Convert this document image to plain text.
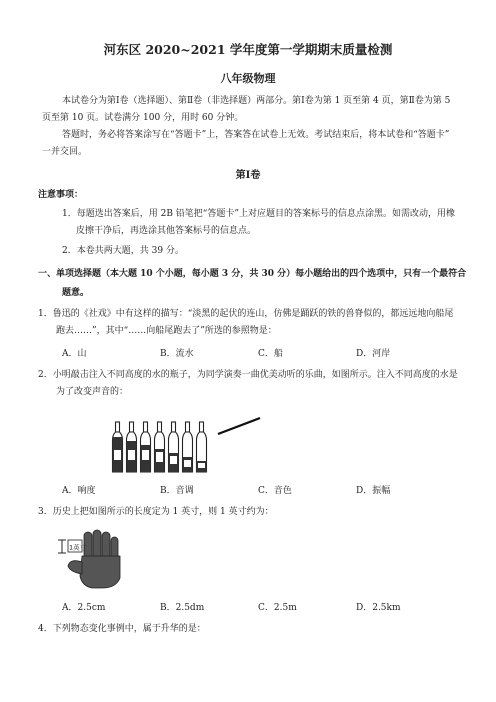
河东区 2020~2021 学年度第一学期期末质量检测
八年级物理
本试卷分为第Ⅰ卷（选择题）、第Ⅱ卷（非选择题）两部分。第Ⅰ卷为第 1 页至第 4 页，第Ⅱ卷为第 5
页至第 10 页。试卷满分 100 分，用时 60 分钟。
答题时，务必将答案涂写在“答题卡”上，答案答在试卷上无效。考试结束后，将本试卷和“答题卡”
一并交回。
第Ⅰ卷
注意事项：
1．每题选出答案后，用 2B 铅笔把“答题卡”上对应题目的答案标号的信息点涂黑。如需改动，用橡
皮擦干净后，再选涂其他答案标号的信息点。
2．本卷共两大题，共 39 分。
一、单项选择题（本大题 10 个小题，每小题 3 分，共 30 分）每小题给出的四个选项中，只有一个最符合
题意。
1．鲁迅的《社戏》中有这样的描写：“淡黑的起伏的连山，仿佛是踊跃的铁的兽脊似的，都远远地向船尾
跑去……”，其中“……向船尾跑去了”所选的参照物是：
A．山	B．流水	C．船	D．河岸
2．小明敲击注入不同高度的水的瓶子，为同学演奏一曲优美动听的乐曲，如图所示。注入不同高度的水是
为了改变声音的：
A．响度	B．音调	C．音色	D．振幅
3．历史上把如图所示的长度定为 1 英寸，则 1 英寸约为：
1英寸
A．2.5cm	B．2.5dm	C．2.5m	D．2.5km
4．下列物态变化事例中，属于升华的是：
